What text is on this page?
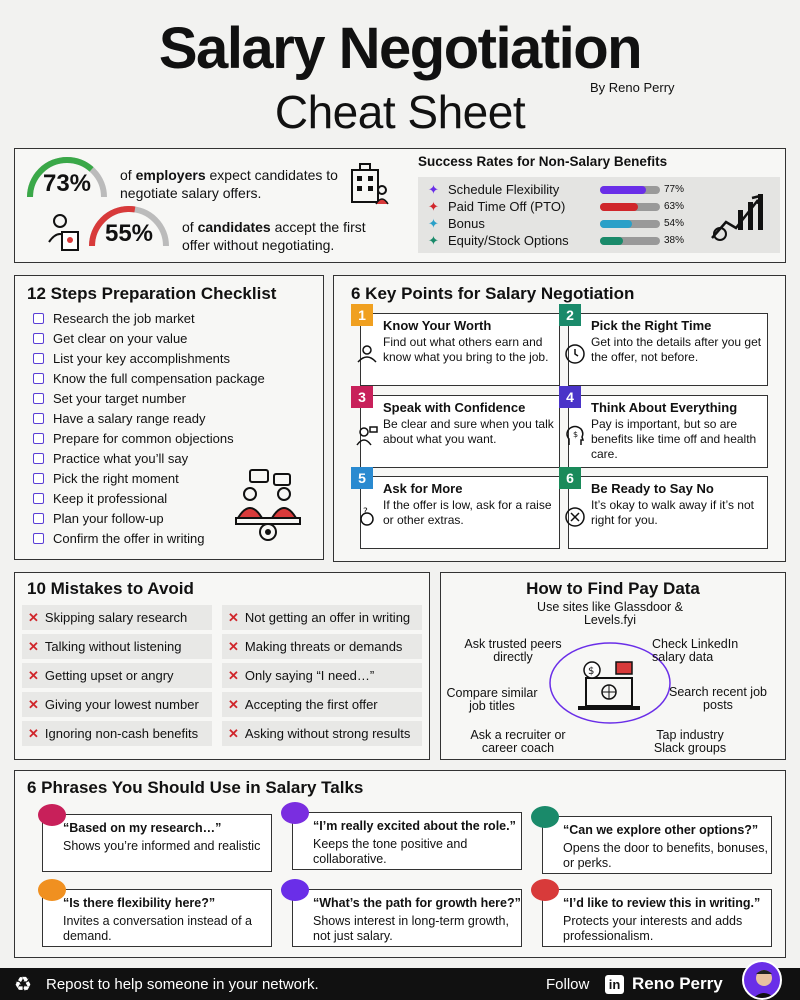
Salary Negotiation
Cheat Sheet	By Reno Perry
73%	of employers expect candidates to negotiate salary offers.
55%	of candidates accept the first offer without negotiating.
Success Rates for Non-Salary Benefits
✦ Schedule Flexibility	77%
✦ Paid Time Off (PTO)	63%
✦ Bonus	54%
✦ Equity/Stock Options	38%
12 Steps Preparation Checklist
Research the job market
Get clear on your value
List your key accomplishments
Know the full compensation package
Set your target number
Have a salary range ready
Prepare for common objections
Practice what you’ll say
Pick the right moment
Keep it professional
Plan your follow-up
Confirm the offer in writing
6 Key Points for Salary Negotiation
1
Know Your Worth
Find out what others earn and know what you bring to the job.
2
Pick the Right Time
Get into the details after you get the offer, not before.
3
Speak with Confidence
Be clear and sure when you talk about what you want.
4
$
Think About Everything
Pay is important, but so are benefits like time off and health care.
5
?
Ask for More
If the offer is low, ask for a raise or other extras.
6
Be Ready to Say No
It’s okay to walk away if it’s not right for you.
10 Mistakes to Avoid
✕ Skipping salary research
✕ Talking without listening
✕ Getting upset or angry
✕ Giving your lowest number
✕ Ignoring non-cash benefits
✕ Not getting an offer in writing
✕ Making threats or demands
✕ Only saying “I need…”
✕ Accepting the first offer
✕ Asking without strong results
How to Find Pay Data
$
Use sites like Glassdoor & Levels.fyi
Ask trusted peers directly
Check LinkedIn salary data
Compare similar job titles
Search recent job posts
Ask a recruiter or career coach
Tap industry Slack groups
6 Phrases You Should Use in Salary Talks
“Based on my research…”
Shows you’re informed and realistic
“I’m really excited about the role.”
Keeps the tone positive and collaborative.
“Can we explore other options?”
Opens the door to benefits, bonuses, or perks.
“Is there flexibility here?”
Invites a conversation instead of a demand.
“What’s the path for growth here?”
Shows interest in long-term growth, not just salary.
“I’d like to review this in writing.”
Protects your interests and adds professionalism.
♻ Repost to help someone in your network.	Follow in Reno Perry
